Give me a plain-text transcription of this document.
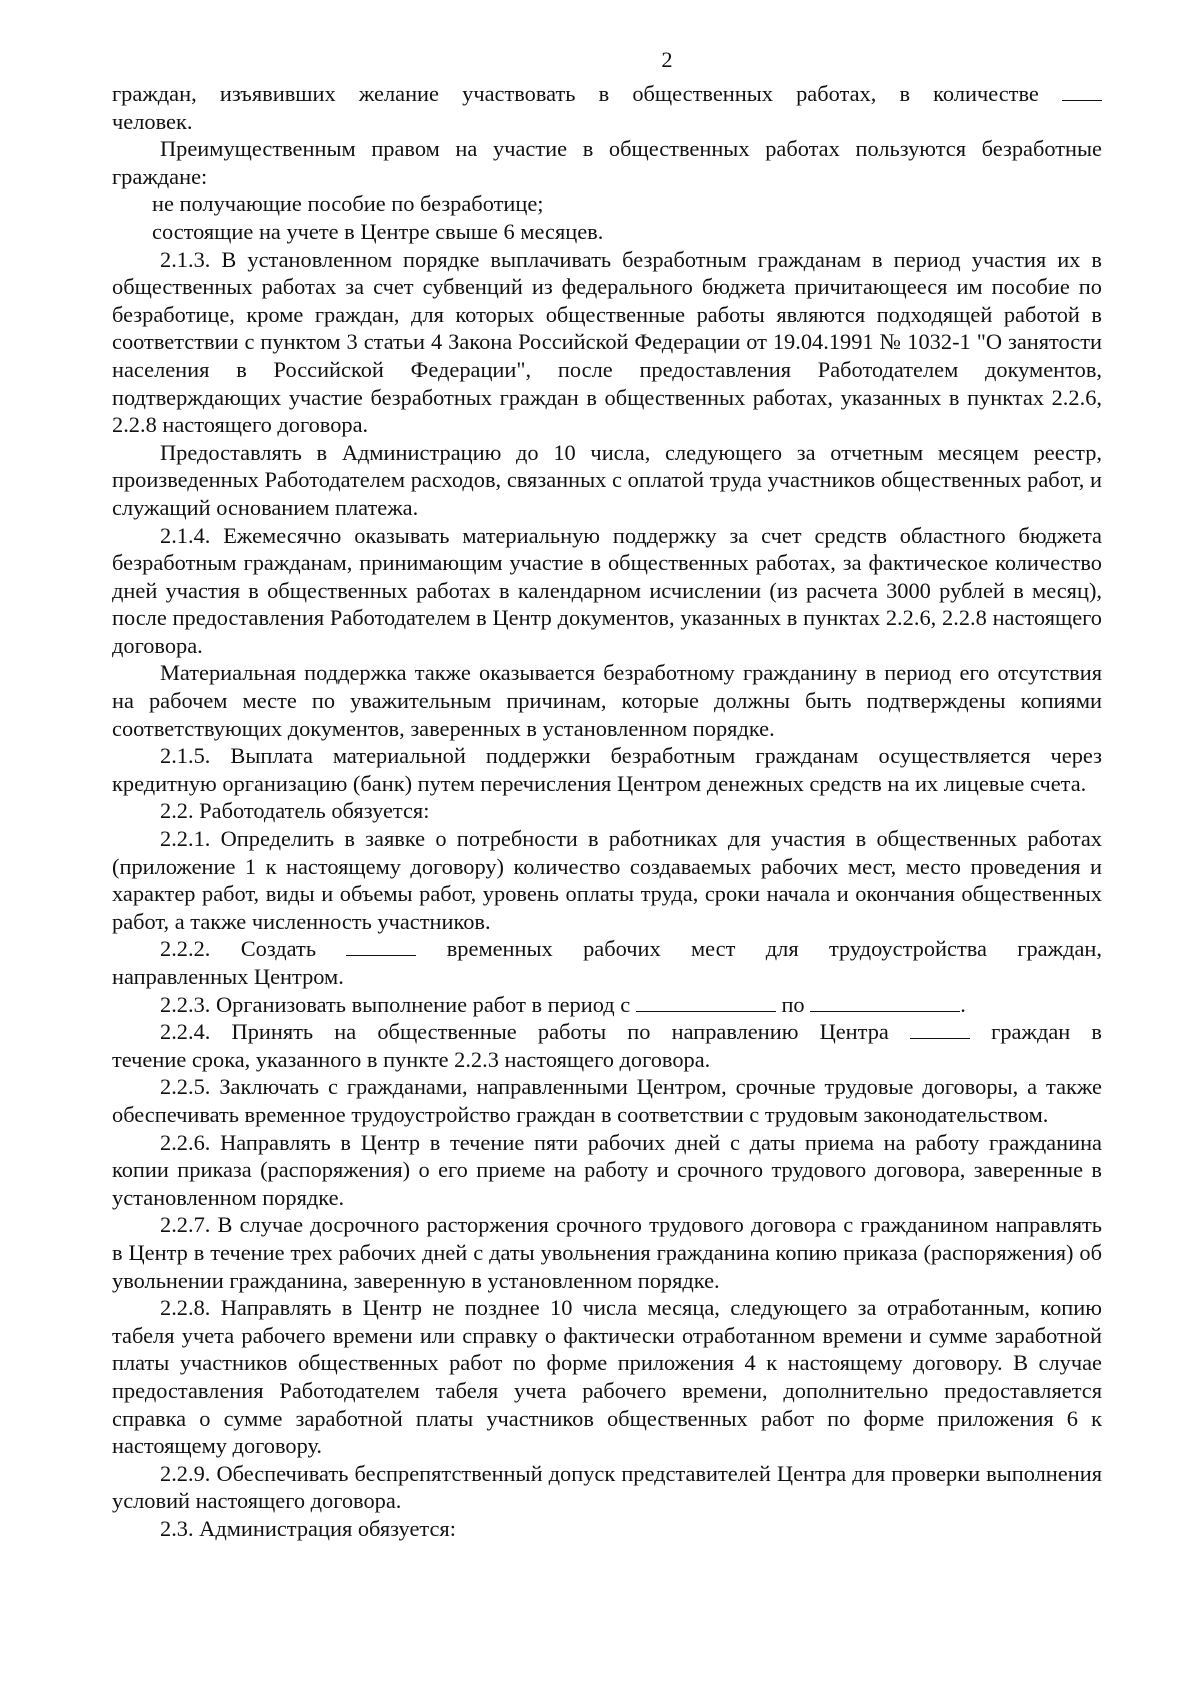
2
граждан, изъявивших желание участвовать в общественных работах, в количестве

человек.

Преимущественным правом на участие в общественных работах пользуются безработные граждане:

не получающие пособие по безработице;

состоящие на учете в Центре свыше 6 месяцев.

2.1.3. В установленном порядке выплачивать безработным гражданам в период участия их в общественных работах за счет субвенций из федерального бюджета причитающееся им пособие по безработице, кроме граждан, для которых общественные работы являются подходящей работой в соответствии с пунктом 3 статьи 4 Закона Российской Федерации от 19.04.1991 № 1032-1 "О занятости населения в Российской Федерации", после предоставления Работодателем документов, подтверждающих участие безработных граждан в общественных работах, указанных в пунктах 2.2.6, 2.2.8 настоящего договора.

Предоставлять в Администрацию до 10 числа, следующего за отчетным месяцем реестр, произведенных Работодателем расходов, связанных с оплатой труда участников общественных работ, и служащий основанием платежа.

2.1.4. Ежемесячно оказывать материальную поддержку за счет средств областного бюджета безработным гражданам, принимающим участие в общественных работах, за фактическое количество дней участия в общественных работах в календарном исчислении (из расчета 3000 рублей в месяц), после предоставления Работодателем в Центр документов, указанных в пунктах 2.2.6, 2.2.8 настоящего договора.

Материальная поддержка также оказывается безработному гражданину в период его отсутствия на рабочем месте по уважительным причинам, которые должны быть подтверждены копиями соответствующих документов, заверенных в установленном порядке.

2.1.5. Выплата материальной поддержки безработным гражданам осуществляется через кредитную организацию (банк) путем перечисления Центром денежных средств на их лицевые счета.

2.2. Работодатель обязуется:

2.2.1. Определить в заявке о потребности в работниках для участия в общественных работах (приложение 1 к настоящему договору) количество создаваемых рабочих мест, место проведения и характер работ, виды и объемы работ, уровень оплаты труда, сроки начала и окончания общественных работ, а также численность участников.

2.2.2. Создать	временных рабочих мест для трудоустройства граждан,

направленных Центром.

2.2.3. Организовать выполнение работ в период с	по	.
2.2.4. Принять на общественные работы по направлению Центра	граждан в

течение срока, указанного в пункте 2.2.3 настоящего договора.

2.2.5. Заключать с гражданами, направленными Центром, срочные трудовые договоры, а также обеспечивать временное трудоустройство граждан в соответствии с трудовым законодательством.

2.2.6. Направлять в Центр в течение пяти рабочих дней с даты приема на работу гражданина копии приказа (распоряжения) о его приеме на работу и срочного трудового договора, заверенные в установленном порядке.

2.2.7. В случае досрочного расторжения срочного трудового договора с гражданином направлять в Центр в течение трех рабочих дней с даты увольнения гражданина копию приказа (распоряжения) об увольнении гражданина, заверенную в установленном порядке.

2.2.8. Направлять в Центр не позднее 10 числа месяца, следующего за отработанным, копию табеля учета рабочего времени или справку о фактически отработанном времени и сумме заработной платы участников общественных работ по форме приложения 4 к настоящему договору. В случае предоставления Работодателем табеля учета рабочего времени, дополнительно предоставляется справка о сумме заработной платы участников общественных работ по форме приложения 6 к настоящему договору.

2.2.9. Обеспечивать беспрепятственный допуск представителей Центра для проверки выполнения условий настоящего договора.

2.3. Администрация обязуется:
